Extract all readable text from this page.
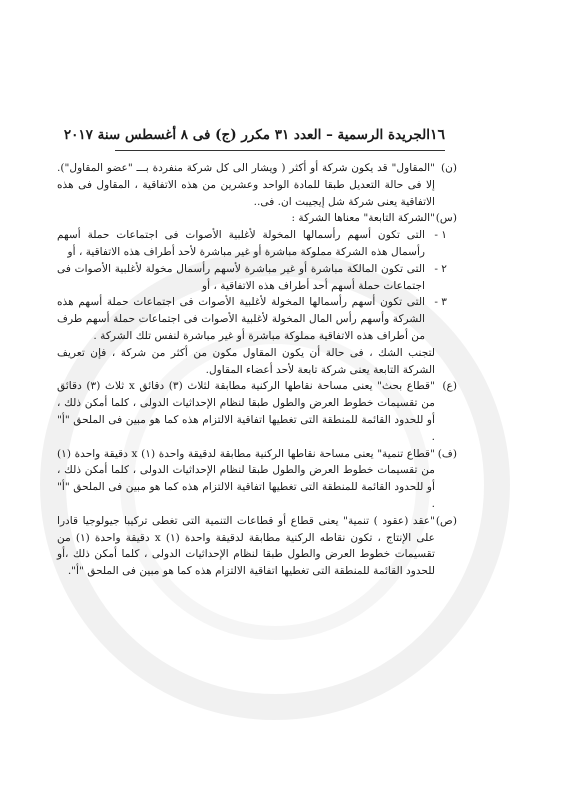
١٦
الجريدة الرسمية – العدد ٣١ مكرر (ج) فى ٨ أغسطس سنة ٢٠١٧

(ن)
"المقاول" قد يكون شركة أو أكثر ( ويشار الى كل شركة منفردة بـــ "عضو المقاول"). إلا فى حالة التعديل طبقا للمادة الواحد وعشرين من هذه الاتفاقية ، المقاول فى هذه الاتفاقية يعنى شركة شل إيجيبت ان. فى..

(س)
"الشركة التابعة" معناها الشركة :

١ -
التى تكون أسهم رأسمالها المخولة لأغلبية الأصوات فى اجتماعات حملة أسهم رأسمال هذه الشركة مملوكة مباشرة أو غير مباشرة لأحد أطراف هذه الاتفاقية ، أو

٢ -
التى تكون المالكة مباشرة أو غير مباشرة لأسهم رأسمال مخولة لأغلبية الأصوات فى اجتماعات حملة أسهم أحد أطراف هذه الاتفاقية ، أو

٣ -
التى تكون أسهم رأسمالها المخولة لأغلبية الأصوات فى اجتماعات حملة أسهم هذه الشركة وأسهم رأس المال المخولة لأغلبية الأصوات فى اجتماعات حملة أسهم طرف من أطراف هذه الاتفاقية مملوكة مباشرة أو غير مباشرة لنفس تلك الشركة .

لتجنب الشك ، فى حالة أن يكون المقاول مكون من أكثر من شركة ، فإن تعريف الشركة التابعة يعنى شركة تابعة لأحد أعضاء المقاول.

(ع)
"قطاع بحث" يعنى مساحة نقاطها الركنية مطابقة لثلاث (٣) دقائق x ثلاث (٣) دقائق من تقسيمات خطوط العرض والطول طبقا لنظام الإحداثيات الدولى ، كلما أمكن ذلك ، أو للحدود القائمة للمنطقة التى تغطيها اتفاقية الالتزام هذه كما هو مبين فى الملحق "أ" .

(ف)
"قطاع تنمية" يعنى مساحة نقاطها الركنية مطابقة لدقيقة واحدة (١) x دقيقة واحدة (١) من تقسيمات خطوط العرض والطول طبقا لنظام الإحداثيات الدولى ، كلما أمكن ذلك ، أو للحدود القائمة للمنطقة التى تغطيها اتفاقية الالتزام هذه كما هو مبين فى الملحق "أ" .

(ص)
"عقد (عقود ) تنمية" يعنى قطاع أو قطاعات التنمية التى تغطى تركيبا جيولوجيا قادرا على الإنتاج ، تكون نقاطه الركنية مطابقة لدقيقة واحدة (١) x دقيقة واحدة (١) من تقسيمات خطوط العرض والطول طبقا لنظام الإحداثيات الدولى ، كلما أمكن ذلك ،أو للحدود القائمة للمنطقة التى تغطيها اتفاقية الالتزام هذه كما هو مبين فى الملحق "أ".
